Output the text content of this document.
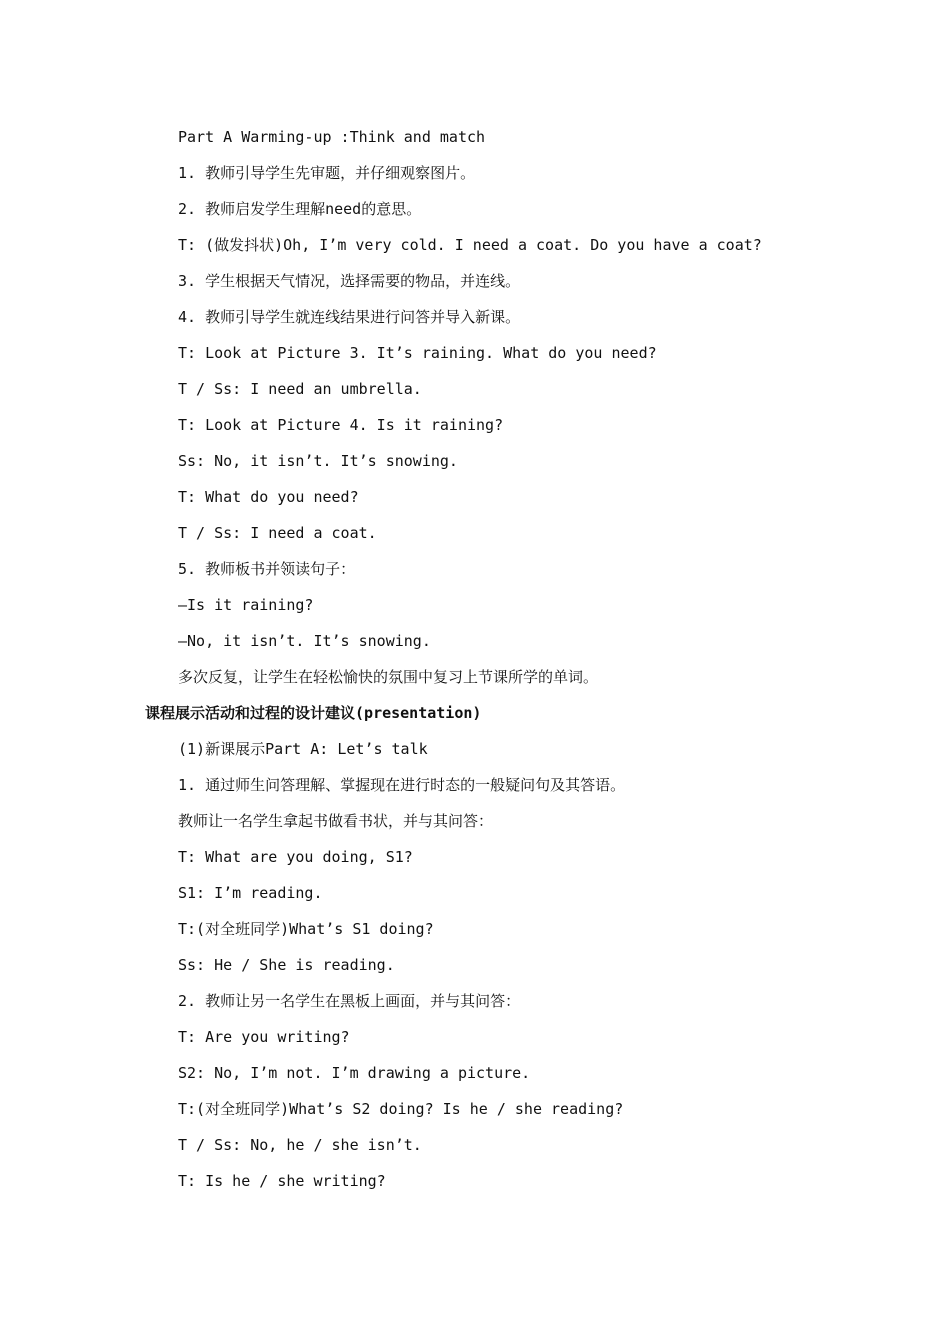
Part A Warming-up :Think and match
1. 教师引导学生先审题，并仔细观察图片。
2. 教师启发学生理解need的意思。
T: (做发抖状)Oh, I’m very cold. I need a coat. Do you have a coat?
3. 学生根据天气情况，选择需要的物品，并连线。
4. 教师引导学生就连线结果进行问答并导入新课。
T: Look at Picture 3. It’s raining. What do you need?
T / Ss: I need an umbrella.
T: Look at Picture 4. Is it raining?
Ss: No, it isn’t. It’s snowing.
T: What do you need?
T / Ss: I need a coat.
5. 教师板书并领读句子：
—Is it raining?
—No, it isn’t. It’s snowing.
多次反复，让学生在轻松愉快的氛围中复习上节课所学的单词。
课程展示活动和过程的设计建议(presentation)
(1)新课展示Part A: Let’s talk
1. 通过师生问答理解、掌握现在进行时态的一般疑问句及其答语。
教师让一名学生拿起书做看书状，并与其问答：
T: What are you doing, S1?
S1: I’m reading.
T:(对全班同学)What’s S1 doing?
Ss: He / She is reading.
2. 教师让另一名学生在黑板上画面，并与其问答：
T: Are you writing?
S2: No, I’m not. I’m drawing a picture.
T:(对全班同学)What’s S2 doing? Is he / she reading?
T / Ss: No, he / she isn’t.
T: Is he / she writing?
